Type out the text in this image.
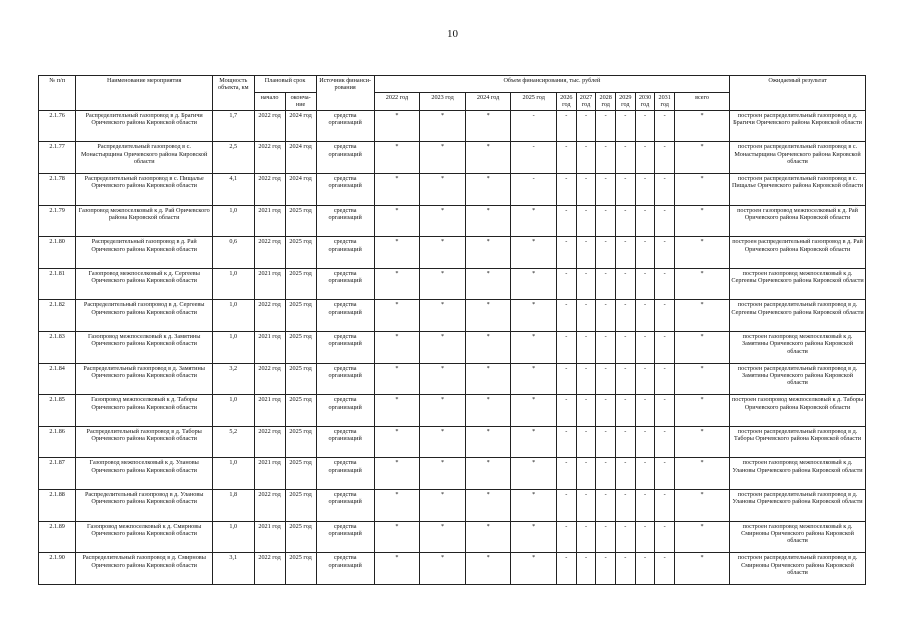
10
№ п/п	Наименование мероприятия	Мощность объекта, км	Плановый срок		Источник финанси-рования	Объем финансирования, тыс. рублей											Ожидаемый результат
			начало	оконча-ние		2022 год	2023 год	2024 год	2025 год	2026 год	2027 год	2028 год	2029 год	2030 год	2031 год	всего	

2.1.76	Распределительный газопровод в д. Брагичи Оричевского района Кировской области	1,7	2022 год	2024 год	средства организаций	*	*	*	-	-	-	-	-	-	-	*	построен распределительный газопровод в д. Брагичи Оричевского района Кировской области
2.1.77	Распределительный газопровод в с. Монастырщина Оричевского района Кировской области	2,5	2022 год	2024 год	средства организаций	*	*	*	-	-	-	-	-	-	-	*	построен распределительный газопровод в с. Монастырщина Оричевского района Кировской области
2.1.78	Распределительный газопровод в с. Пищалье Оричевского района Кировской области	4,1	2022 год	2024 год	средства организаций	*	*	*	-	-	-	-	-	-	-	*	построен распределительный газопровод в с. Пищалье Оричевского района Кировской области
2.1.79	Газопровод межпоселковый к д. Рай Оричевского района Кировской области	1,0	2021 год	2025 год	средства организаций	*	*	*	*	-	-	-	-	-	-	*	построен газопровод межпоселковый к д. Рай Оричевского района Кировской области
2.1.80	Распределительный газопровод в д. Рай Оричевского района Кировской области	0,6	2022 год	2025 год	средства организаций	*	*	*	*	-	-	-	-	-	-	*	построен распределительный газопровод в д. Рай Оричевского района Кировской области
2.1.81	Газопровод межпоселковый к д. Сергеевы Оричевского района Кировской области	1,0	2021 год	2025 год	средства организаций	*	*	*	*	-	-	-	-	-	-	*	построен газопровод межпоселковый к д. Сергеевы Оричевского района Кировской области
2.1.82	Распределительный газопровод в д. Сергеевы Оричевского района Кировской области	1,0	2022 год	2025 год	средства организаций	*	*	*	*	-	-	-	-	-	-	*	построен распределительный газопровод в д. Сергеевы Оричевского района Кировской области
2.1.83	Газопровод межпоселковый к д. Замятины Оричевского района Кировской области	1,0	2021 год	2025 год	средства организаций	*	*	*	*	-	-	-	-	-	-	*	построен газопровод межпоселковый к д. Замятины Оричевского района Кировской области
2.1.84	Распределительный газопровод в д. Замятины Оричевского района Кировской области	3,2	2022 год	2025 год	средства организаций	*	*	*	*	-	-	-	-	-	-	*	построен распределительный газопровод в д. Замятины Оричевского района Кировской области
2.1.85	Газопровод межпоселковый к д. Таборы Оричевского района Кировской области	1,0	2021 год	2025 год	средства организаций	*	*	*	*	-	-	-	-	-	-	*	построен газопровод межпоселковый к д. Таборы Оричевского района Кировской области
2.1.86	Распределительный газопровод в д. Таборы Оричевского района Кировской области	5,2	2022 год	2025 год	средства организаций	*	*	*	*	-	-	-	-	-	-	*	построен распределительный газопровод в д. Таборы Оричевского района Кировской области
2.1.87	Газопровод межпоселковый к д. Улановы Оричевского района Кировской области	1,0	2021 год	2025 год	средства организаций	*	*	*	*	-	-	-	-	-	-	*	построен газопровод межпоселковый к д. Улановы Оричевского района Кировской области
2.1.88	Распределительный газопровод в д. Улановы Оричевского района Кировской области	1,8	2022 год	2025 год	средства организаций	*	*	*	*	-	-	-	-	-	-	*	построен распределительный газопровод в д. Улановы Оричевского района Кировской области
2.1.89	Газопровод межпоселковый к д. Смирновы Оричевского района Кировской области	1,0	2021 год	2025 год	средства организаций	*	*	*	*	-	-	-	-	-	-	*	построен газопровод межпоселковый к д. Смирновы Оричевского района Кировской области
2.1.90	Распределительный газопровод в д. Смирновы Оричевского района Кировской области	3,1	2022 год	2025 год	средства организаций	*	*	*	*	-	-	-	-	-	-	*	построен распределительный газопровод в д. Смирновы Оричевского района Кировской области
